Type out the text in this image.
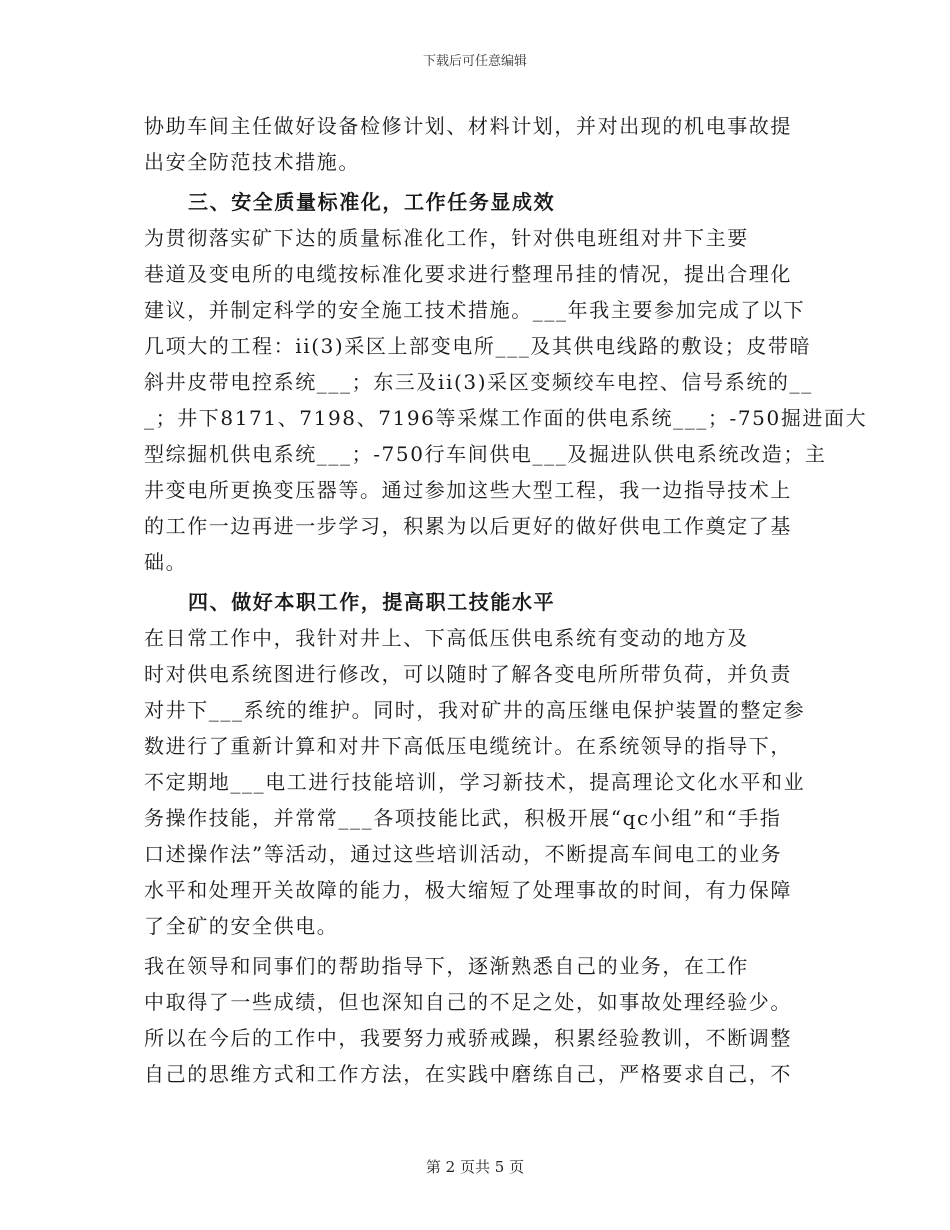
下载后可任意编辑
协助车间主任做好设备检修计划、材料计划，并对出现的机电事故提
出安全防范技术措施。
三、安全质量标准化，工作任务显成效
为贯彻落实矿下达的质量标准化工作，针对供电班组对井下主要
巷道及变电所的电缆按标准化要求进行整理吊挂的情况，提出合理化
建议，并制定科学的安全施工技术措施。___年我主要参加完成了以下
几项大的工程：ii(3)采区上部变电所___及其供电线路的敷设；皮带暗
斜井皮带电控系统___；东三及ii(3)采区变频绞车电控、信号系统的__
_；井下8171、7198、7196等采煤工作面的供电系统___；-750掘进面大
型综掘机供电系统___；-750行车间供电___及掘进队供电系统改造；主
井变电所更换变压器等。通过参加这些大型工程，我一边指导技术上
的工作一边再进一步学习，积累为以后更好的做好供电工作奠定了基
础。
四、做好本职工作，提高职工技能水平
在日常工作中，我针对井上、下高低压供电系统有变动的地方及
时对供电系统图进行修改，可以随时了解各变电所所带负荷，并负责
对井下___系统的维护。同时，我对矿井的高压继电保护装置的整定参
数进行了重新计算和对井下高低压电缆统计。在系统领导的指导下，
不定期地___电工进行技能培训，学习新技术，提高理论文化水平和业
务操作技能，并常常___各项技能比武，积极开展“qc小组”和“手指
口述操作法”等活动，通过这些培训活动，不断提高车间电工的业务
水平和处理开关故障的能力，极大缩短了处理事故的时间，有力保障
了全矿的安全供电。
我在领导和同事们的帮助指导下，逐渐熟悉自己的业务，在工作
中取得了一些成绩，但也深知自己的不足之处，如事故处理经验少。
所以在今后的工作中，我要努力戒骄戒躁，积累经验教训，不断调整
自己的思维方式和工作方法，在实践中磨练自己，严格要求自己，不
第 2 页共 5 页
